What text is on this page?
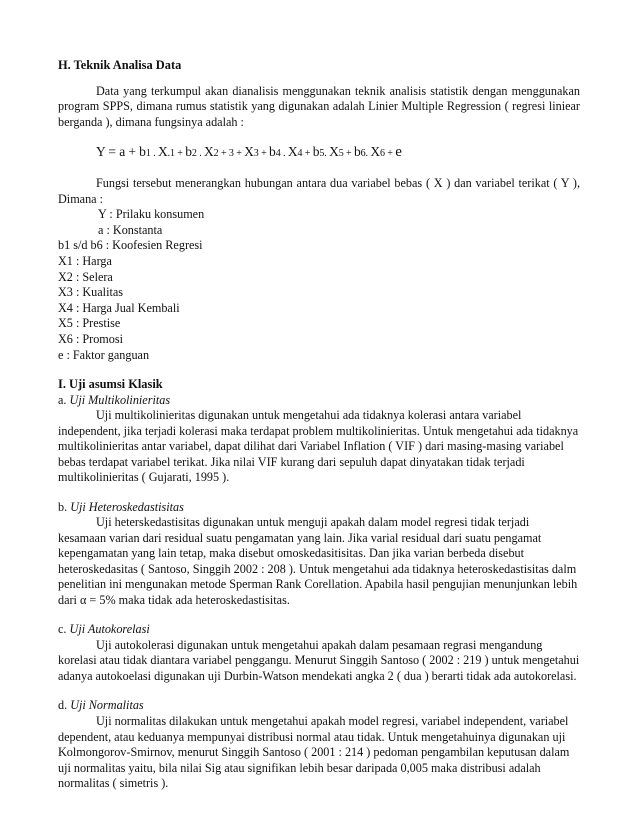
H. Teknik Analisa Data

Data yang terkumpul akan dianalisis menggunakan teknik analisis statistik dengan menggunakan program SPPS, dimana rumus statistik yang digunakan adalah Linier Multiple Regression ( regresi liniear berganda ), dimana fungsinya adalah :

Y = a + b1 . X.1 + b2 . X2 + 3 + X3 + b4 . X4 + b5. X5 + b6. X6 + e

Fungsi tersebut menerangkan hubungan antara dua variabel bebas ( X ) dan variabel terikat ( Y ), Dimana :

Y : Prilaku konsumen

a : Konstanta

b1 s/d b6 : Koofesien Regresi

X1 : Harga

X2 : Selera

X3 : Kualitas

X4 : Harga Jual Kembali

X5 : Prestise

X6 : Promosi

e : Faktor ganguan

I. Uji asumsi Klasik

a. Uji Multikolinieritas

Uji multikolinieritas digunakan untuk mengetahui ada tidaknya kolerasi antara variabel independent, jika terjadi kolerasi maka terdapat problem multikolinieritas. Untuk mengetahui ada tidaknya multikolinieritas antar variabel, dapat dilihat dari Variabel Inflation ( VIF ) dari masing-masing variabel bebas terdapat variabel terikat. Jika nilai VIF kurang dari sepuluh dapat dinyatakan tidak terjadi multikolinieritas ( Gujarati, 1995 ).

b. Uji Heteroskedastisitas

Uji heterskedastisitas digunakan untuk menguji apakah dalam model regresi tidak terjadi kesamaan varian dari residual suatu pengamatan yang lain. Jika varial residual dari suatu pengamat kepengamatan yang lain tetap, maka disebut omoskedasitisitas. Dan jika varian berbeda disebut heteroskedasitas ( Santoso, Singgih 2002 : 208 ). Untuk mengetahui ada tidaknya heteroskedastisitas dalm penelitian ini mengunakan metode Sperman Rank Corellation. Apabila hasil pengujian menunjunkan lebih dari α = 5% maka tidak ada heteroskedastisitas.

c. Uji Autokorelasi

Uji autokolerasi digunakan untuk mengetahui apakah dalam pesamaan regrasi mengandung korelasi atau tidak diantara variabel penggangu. Menurut Singgih Santoso ( 2002 : 219 ) untuk mengetahui adanya autokoelasi digunakan uji Durbin-Watson mendekati angka 2 ( dua ) berarti tidak ada autokorelasi.

d. Uji Normalitas

Uji normalitas dilakukan untuk mengetahui apakah model regresi, variabel independent, variabel dependent, atau keduanya mempunyai distribusi normal atau tidak. Untuk mengetahuinya digunakan uji Kolmongorov-Smirnov, menurut Singgih Santoso ( 2001 : 214 ) pedoman pengambilan keputusan dalam uji normalitas yaitu, bila nilai Sig atau signifikan lebih besar daripada 0,005 maka distribusi adalah normalitas ( simetris ).
